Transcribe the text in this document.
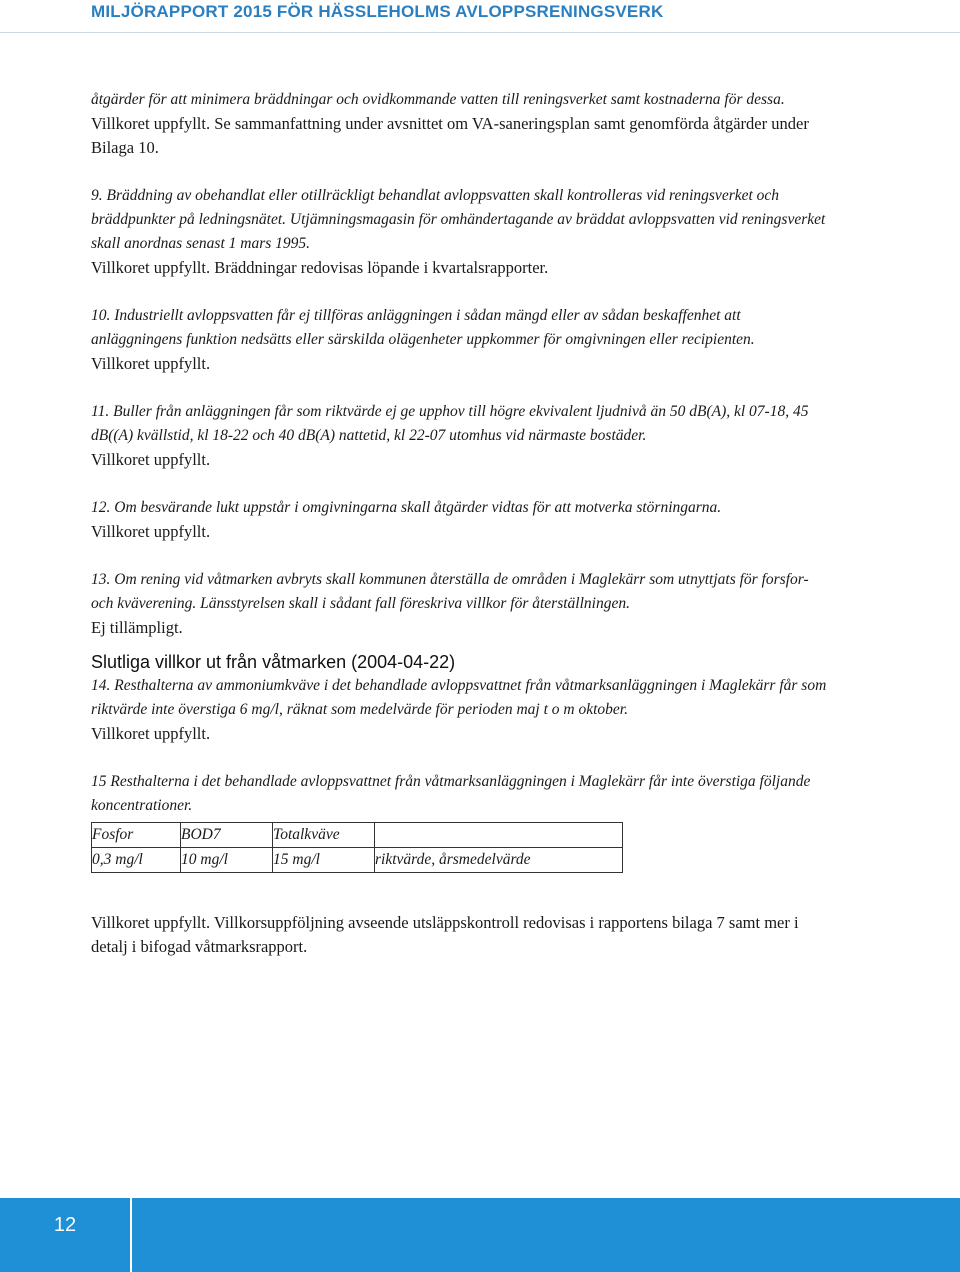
MILJÖRAPPORT 2015 FÖR HÄSSLEHOLMS AVLOPPSRENINGSVERK

åtgärder för att minimera bräddningar och ovidkommande vatten till reningsverket samt kostnaderna för dessa.

Villkoret uppfyllt. Se sammanfattning under avsnittet om VA-saneringsplan samt genomförda åtgärder under Bilaga 10.

9. Bräddning av obehandlat eller otillräckligt behandlat avloppsvatten skall kontrolleras vid reningsverket och bräddpunkter på ledningsnätet. Utjämningsmagasin för omhändertagande av bräddat avloppsvatten vid reningsverket skall anordnas senast 1 mars 1995.

Villkoret uppfyllt. Bräddningar redovisas löpande i kvartalsrapporter.

10. Industriellt avloppsvatten får ej tillföras anläggningen i sådan mängd eller av sådan beskaffenhet att anläggningens funktion nedsätts eller särskilda olägenheter uppkommer för omgivningen eller recipienten.

Villkoret uppfyllt.

11. Buller från anläggningen får som riktvärde ej ge upphov till högre ekvivalent ljudnivå än 50 dB(A), kl 07-18, 45 dB((A) kvällstid, kl 18-22 och 40 dB(A) nattetid, kl 22-07 utomhus vid närmaste bostäder.

Villkoret uppfyllt.

12. Om besvärande lukt uppstår i omgivningarna skall åtgärder vidtas för att motverka störningarna.

Villkoret uppfyllt.

13. Om rening vid våtmarken avbryts skall kommunen återställa de områden i Maglekärr som utnyttjats för forsfor- och kväverening. Länsstyrelsen skall i sådant fall föreskriva villkor för återställningen.

Ej tillämpligt.

Slutliga villkor ut från våtmarken (2004-04-22)

14. Resthalterna av ammoniumkväve i det behandlade avloppsvattnet från våtmarksanläggningen i Maglekärr får som riktvärde inte överstiga 6 mg/l, räknat som medelvärde för perioden maj t o m oktober.

Villkoret uppfyllt.

15 Resthalterna i det behandlade avloppsvattnet från våtmarksanläggningen i Maglekärr får inte överstiga följande koncentrationer.

Fosfor	BOD7	Totalkväve	
0,3 mg/l	10 mg/l	15 mg/l	riktvärde, årsmedelvärde

Villkoret uppfyllt. Villkorsuppföljning avseende utsläppskontroll redovisas i rapportens bilaga 7 samt mer i detalj i bifogad våtmarksrapport.

12
